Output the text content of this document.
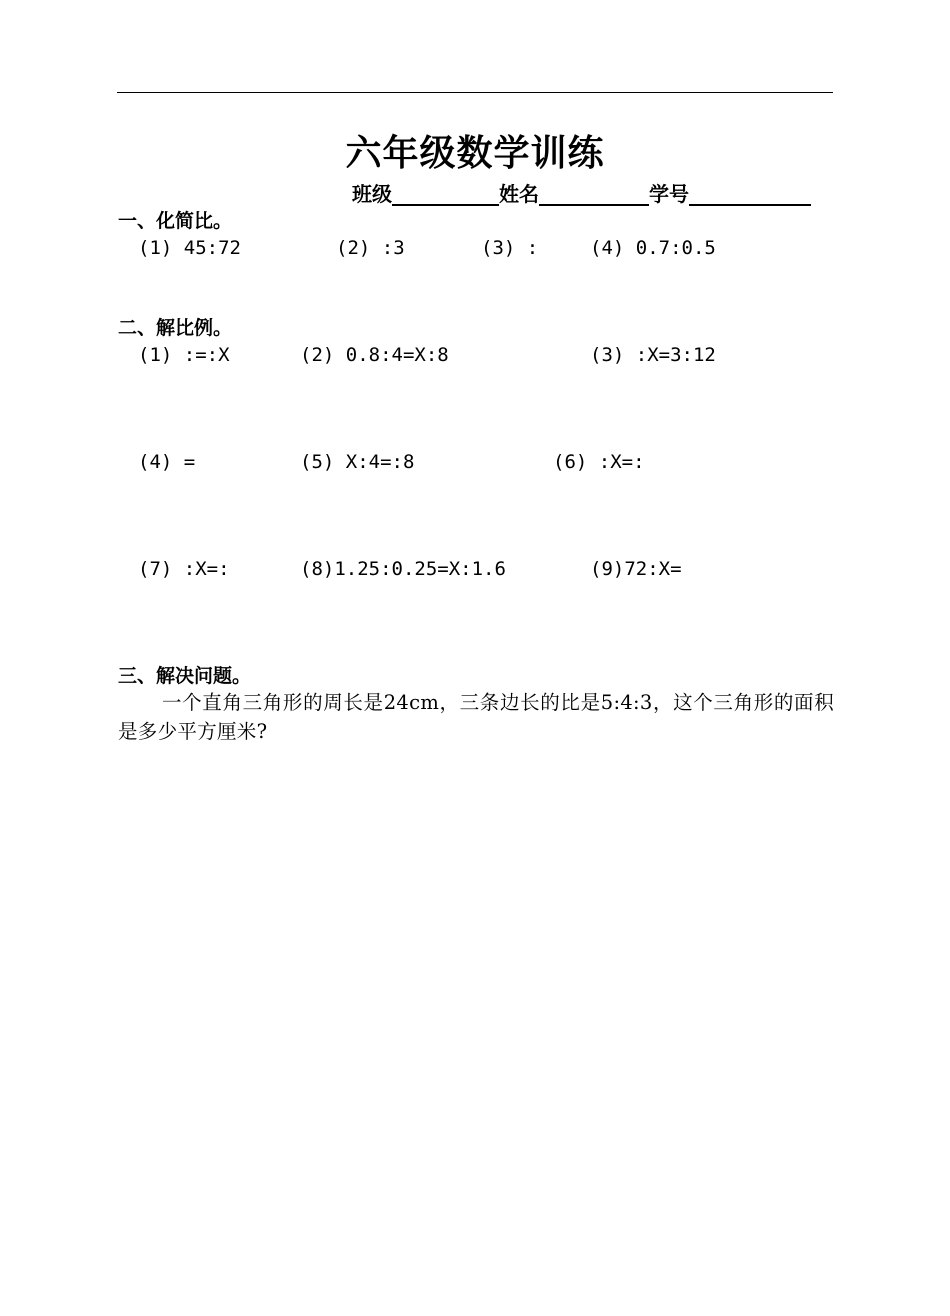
六年级数学训练
班级	姓名	学号
一、化简比。
(1) 45:72	(2) :3	(3) :	(4) 0.7:0.5
二、解比例。
(1) :=:X	(2) 0.8:4=X:8	(3) :X=3:12
(4) =	(5) X:4=:8	(6) :X=:
(7) :X=:	(8)1.25:0.25=X:1.6	(9)72:X=
三、解决问题。
一个直角三角形的周长是24cm，三条边长的比是5:4:3，这个三角形的面积是多少平方厘米?
